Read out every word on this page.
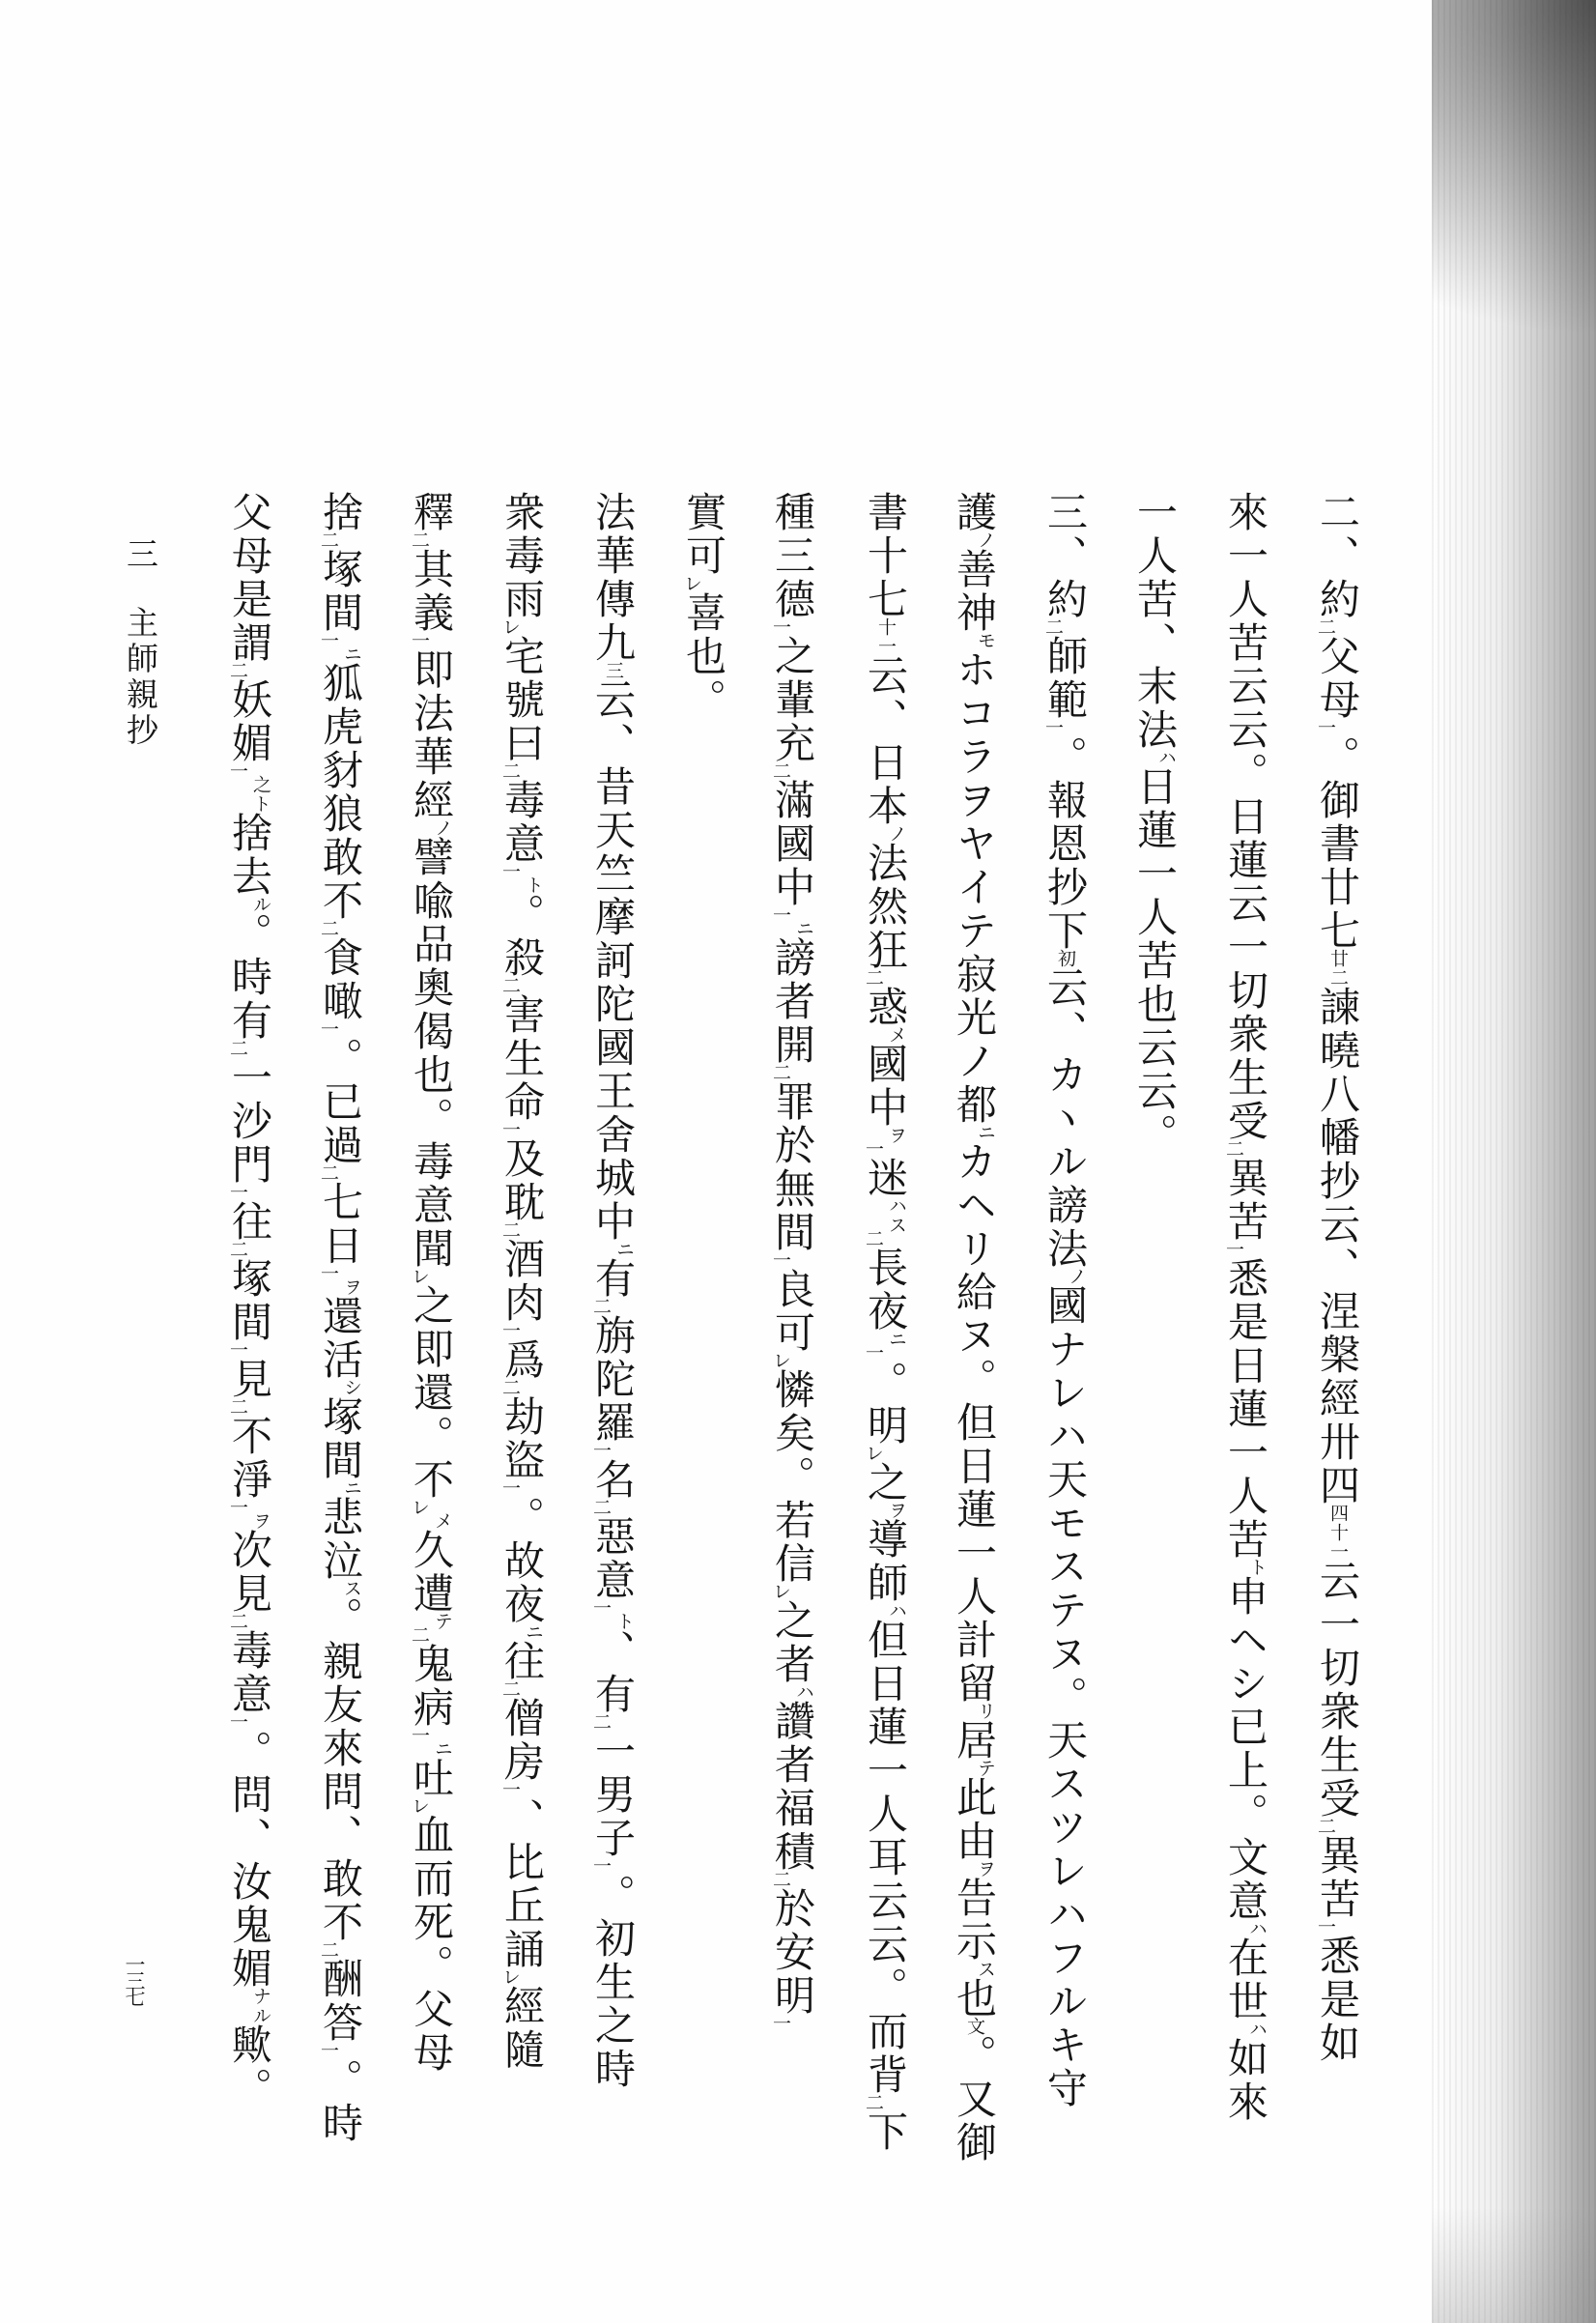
三主師親抄
二、約二父母一。御書廿七廿二諫曉八幡抄云、涅槃經卅四四十一云一切衆生受二異苦一悉是如
來一人苦云云。日蓮云一切衆生受二異苦一悉是日蓮一人苦ト申ヘシ已上。文意ハ在世ハ如來
一人苦、末法ハ日蓮一人苦也云云。
三、約二師範一。報恩抄下初云、カヽル謗法ノ國ナレハ天モステヌ。天スツレハフルキ守
護ノ善神モホコラヲヤイテ寂光ノ都ニカヘリ給ヌ。但日蓮一人計留リ居テ此由ヲ告示ス也文。又御
書十七十一云、日本ノ法然狂二惑メ國中ヲ一迷ハス二長夜ニ一。明レ之ヲ導師ハ但日蓮一人耳云云。而背二下
種三德一之輩充二滿國中一ニ謗者開二罪於無間一良可レ憐矣。若信レ之者ハ讚者福積二於安明一
實可レ喜也。
法華傳九三云、昔天竺摩訶陀國王舍城中ニ有二旃陀羅一名二惡意一ト、有二一男子一。初生之時
衆毒雨レ宅號曰二毒意一ト。殺二害生命一及耽二酒肉一爲二劫盜一。故夜ニ往二僧房一、比丘誦レ經隨
釋二其義一即法華經ノ譬喩品奧偈也。毒意聞レ之即還。不レメ久遭テ二鬼病一ニ吐レ血而死。父母
捨二塚間一ニ狐虎豺狼敢不二食噉一。已過二七日一ヲ還活シ塚間ニ悲泣ス。親友來問、敢不二酬答一。時
父母是謂二妖媚一之ト捨去ル。時有二一沙門一往二塚間一見二不淨一ヲ次見二毒意一。問、汝鬼媚ナル歟。
一三七
